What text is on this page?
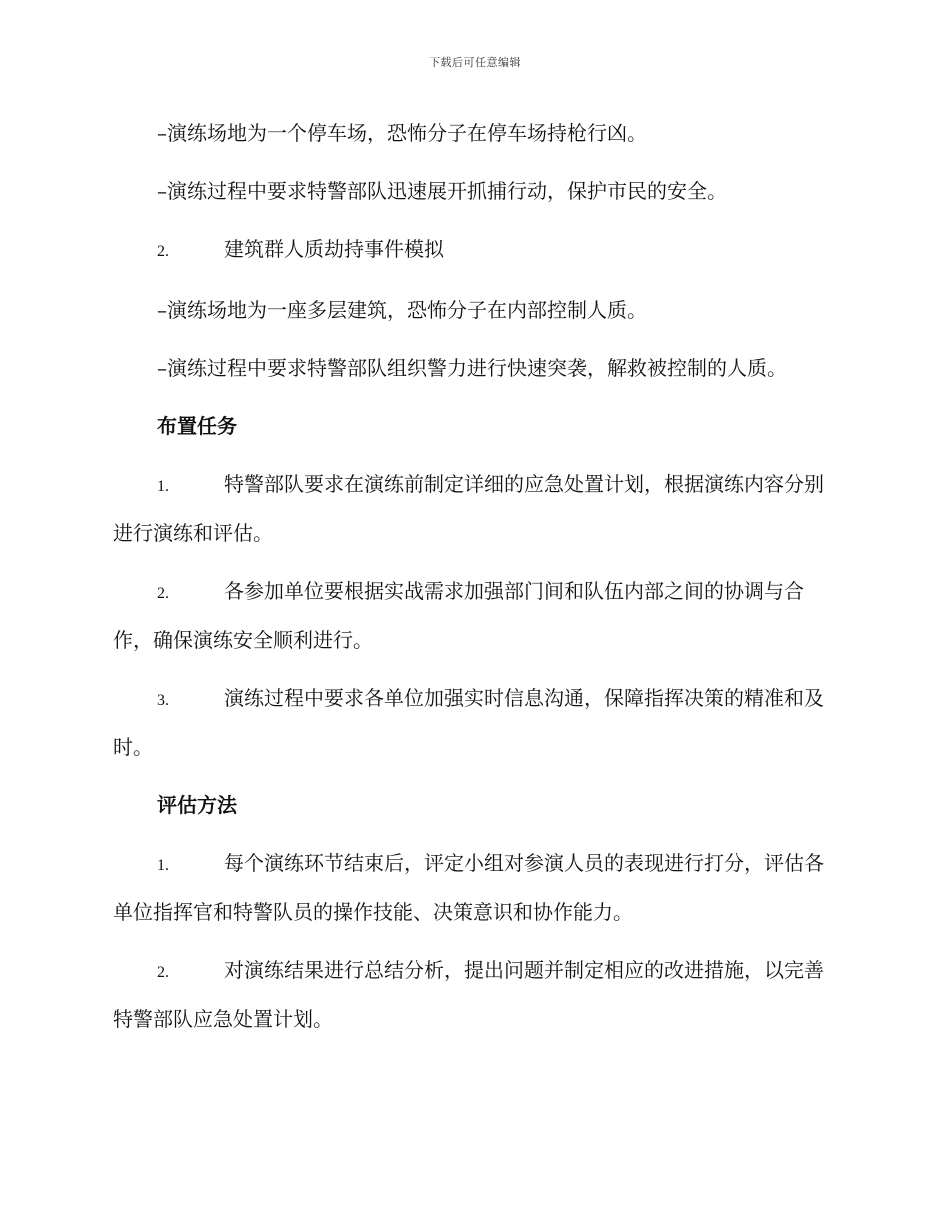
下载后可任意编辑

–演练场地为一个停车场，恐怖分子在停车场持枪行凶。

–演练过程中要求特警部队迅速展开抓捕行动，保护市民的安全。

2.	建筑群人质劫持事件模拟

–演练场地为一座多层建筑，恐怖分子在内部控制人质。

–演练过程中要求特警部队组织警力进行快速突袭，解救被控制的人质。

布置任务

1.	特警部队要求在演练前制定详细的应急处置计划，根据演练内容分别进行演练和评估。

2.	各参加单位要根据实战需求加强部门间和队伍内部之间的协调与合作，确保演练安全顺利进行。

3.	演练过程中要求各单位加强实时信息沟通，保障指挥决策的精准和及时。

评估方法

1.	每个演练环节结束后，评定小组对参演人员的表现进行打分，评估各单位指挥官和特警队员的操作技能、决策意识和协作能力。

2.	对演练结果进行总结分析，提出问题并制定相应的改进措施，以完善特警部队应急处置计划。
